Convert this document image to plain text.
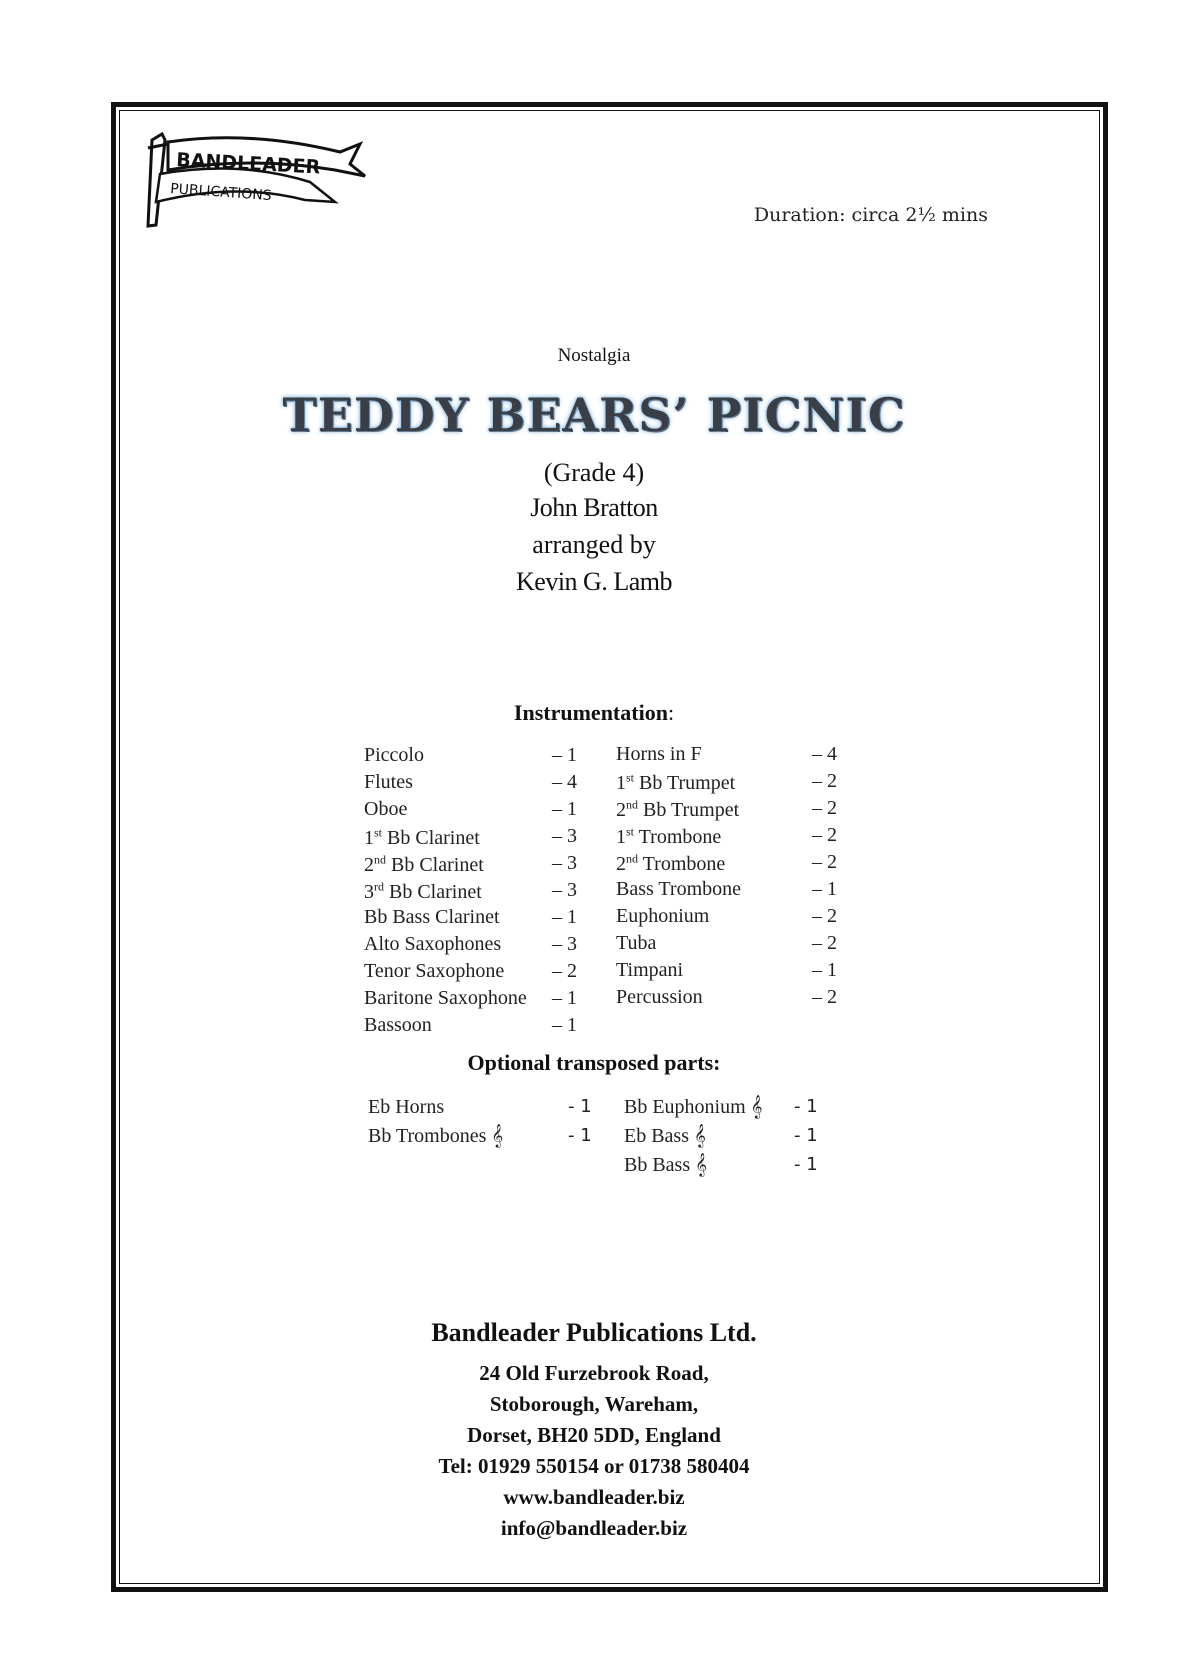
BANDLEADER
PUBLICATIONS
Duration: circa 2½ mins
Nostalgia
TEDDY BEARS’ PICNIC
(Grade 4)
John Bratton
arranged by
Kevin G. Lamb
Instrumentation:
Piccolo	– 1
Flutes	– 4
Oboe	– 1
1st Bb Clarinet	– 3
2nd Bb Clarinet	– 3
3rd Bb Clarinet	– 3
Bb Bass Clarinet	– 1
Alto Saxophones	– 3
Tenor Saxophone – 2
Baritone Saxophone – 1
Bassoon	– 1
Horns in F	– 4
1st Bb Trumpet	– 2
2nd Bb Trumpet	– 2
1st Trombone	– 2
2nd Trombone	– 2
Bass Trombone	– 1
Euphonium	– 2
Tuba	– 2
Timpani	– 1
Percussion	– 2
Optional transposed parts:
Eb Horns	- 1
Bb Trombones 𝄞	- 1
Bb Euphonium 𝄞 - 1
Eb Bass 𝄞	- 1
Bb Bass 𝄞	- 1
Bandleader Publications Ltd.
24 Old Furzebrook Road,
Stoborough, Wareham,
Dorset, BH20 5DD, England
Tel: 01929 550154 or 01738 580404
www.bandleader.biz
info@bandleader.biz
